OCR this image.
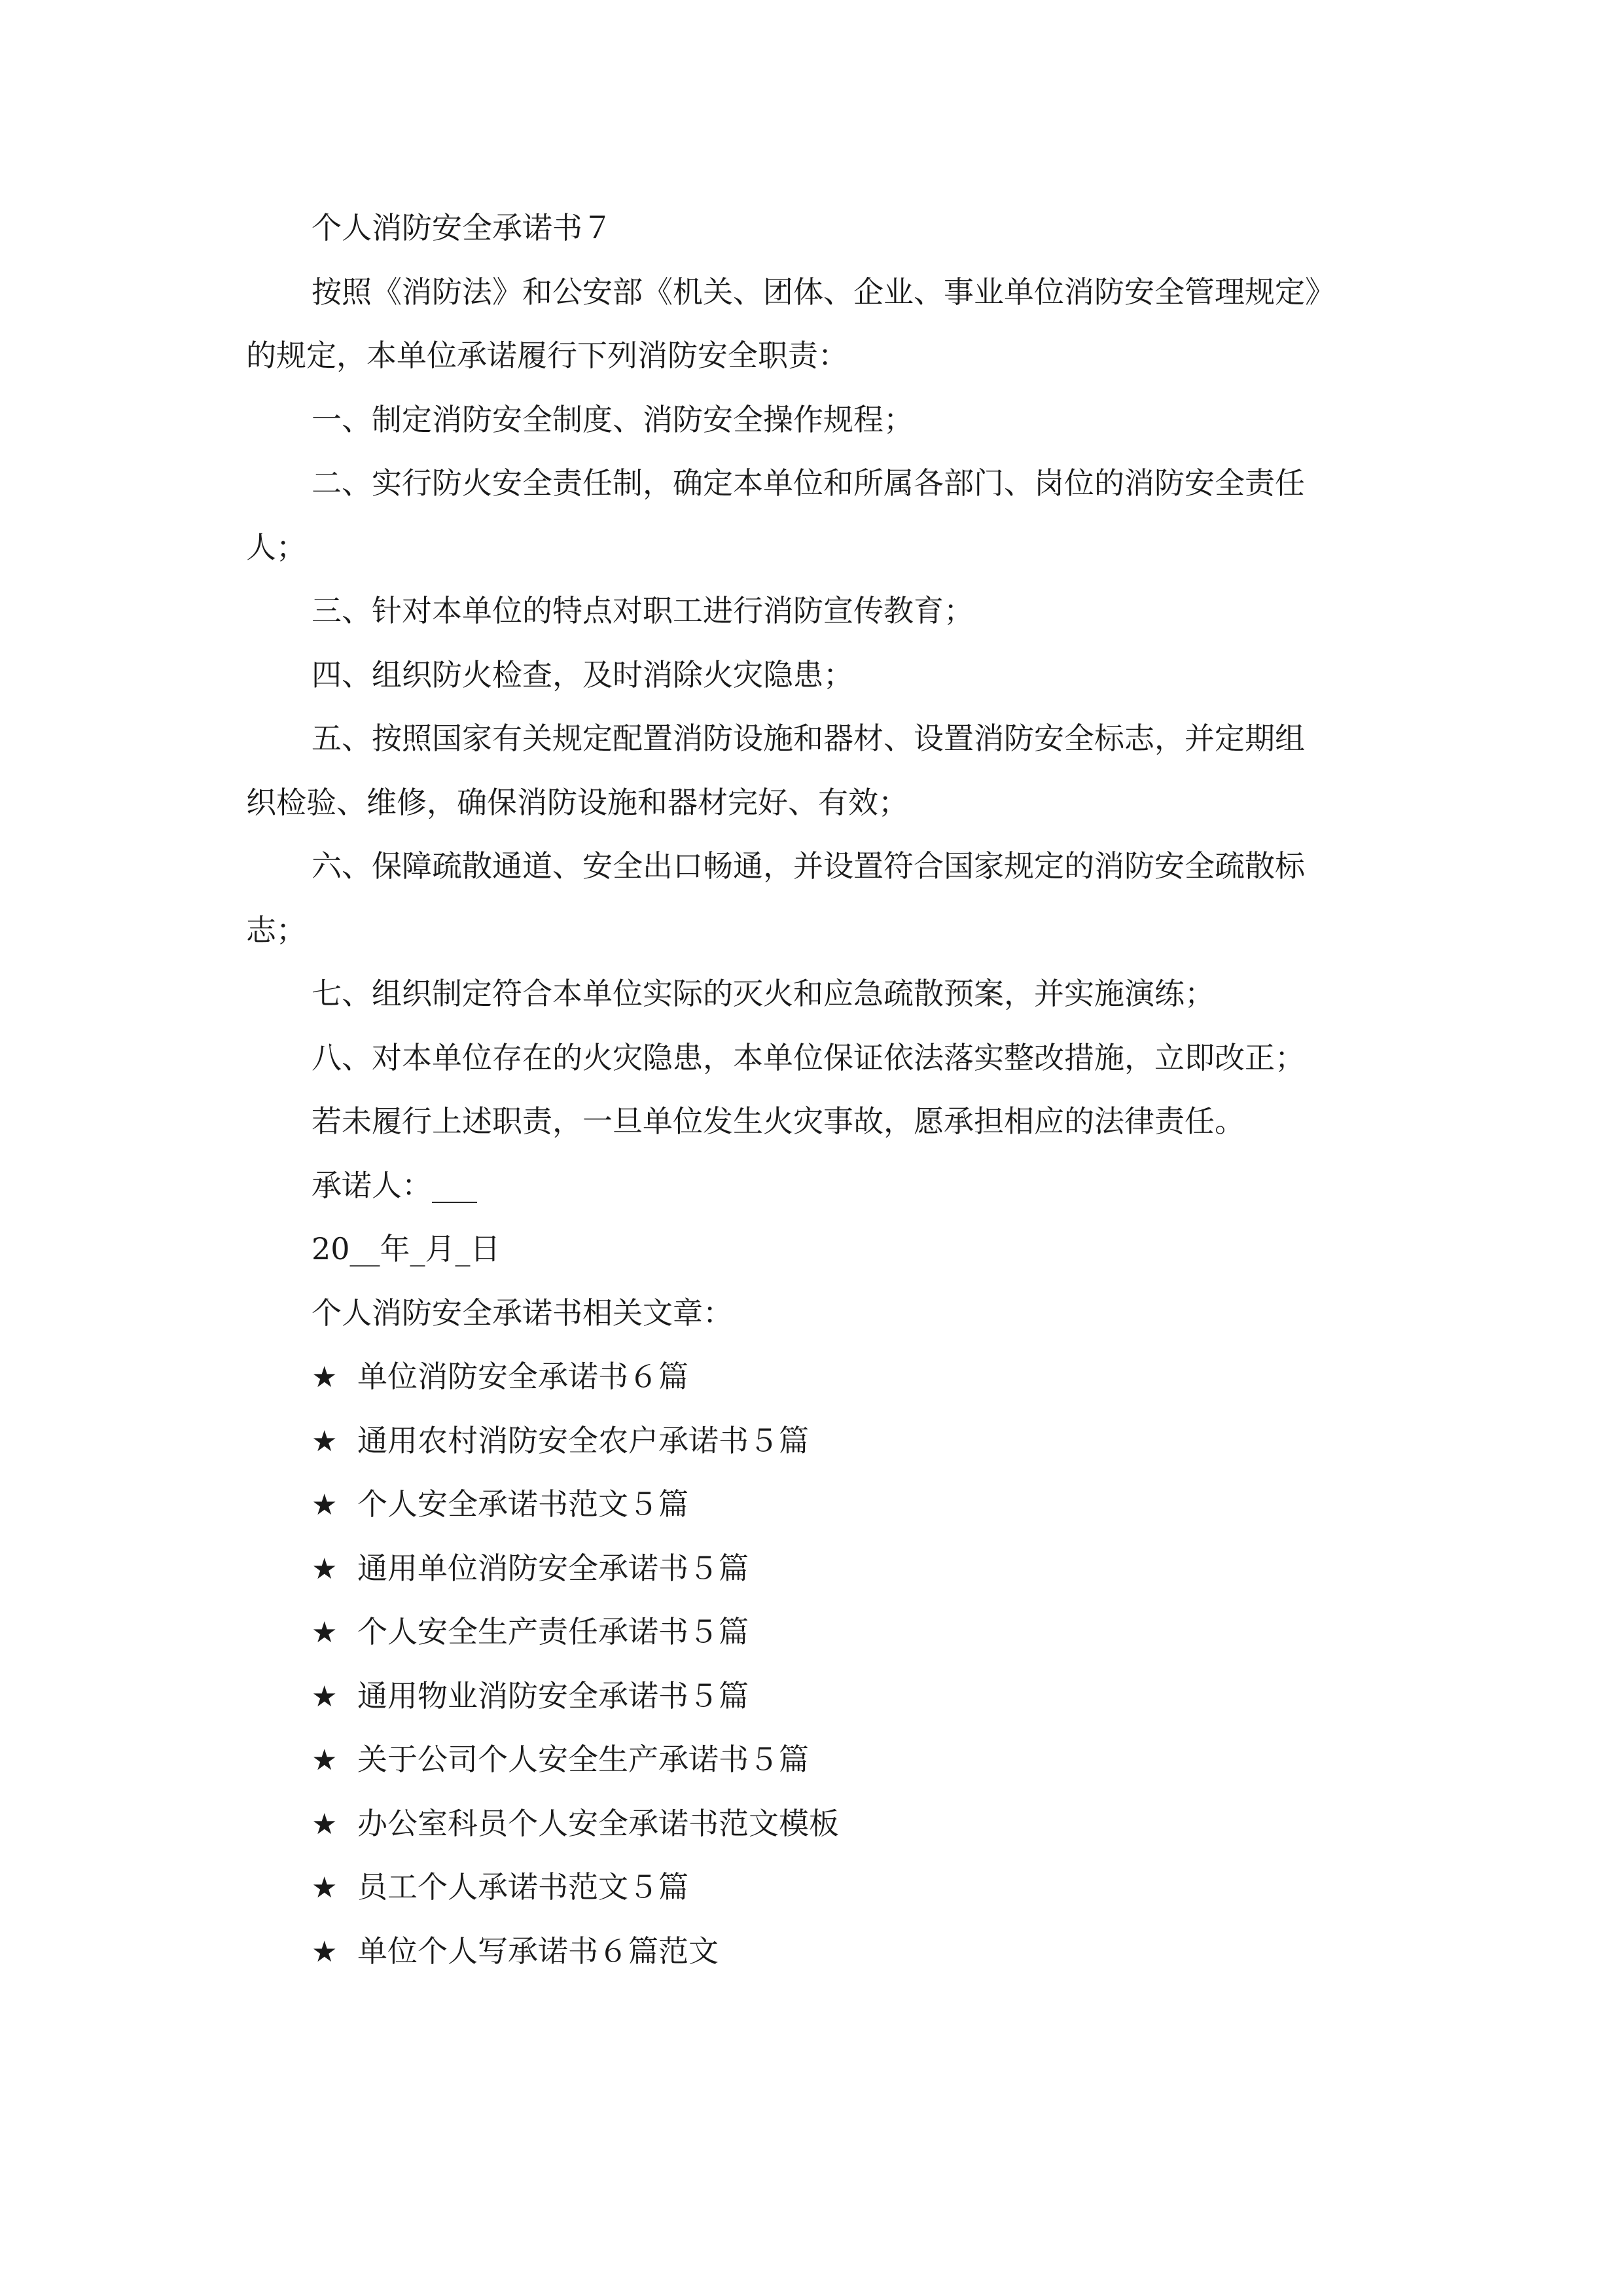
个人消防安全承诺书７

按照《消防法》和公安部《机关、团体、企业、事业单位消防安全管理规定》

的规定，本单位承诺履行下列消防安全职责：

一、制定消防安全制度、消防安全操作规程；

二、实行防火安全责任制，确定本单位和所属各部门、岗位的消防安全责任

人；

三、针对本单位的特点对职工进行消防宣传教育；

四、组织防火检查，及时消除火灾隐患；

五、按照国家有关规定配置消防设施和器材、设置消防安全标志，并定期组

织检验、维修，确保消防设施和器材完好、有效；

六、保障疏散通道、安全出口畅通，并设置符合国家规定的消防安全疏散标

志；

七、组织制定符合本单位实际的灭火和应急疏散预案，并实施演练；

八、对本单位存在的火灾隐患，本单位保证依法落实整改措施，立即改正；

若未履行上述职责，一旦单位发生火灾事故，愿承担相应的法律责任。

承诺人：___

20__年_月_日

个人消防安全承诺书相关文章：

★ 单位消防安全承诺书６篇
★ 通用农村消防安全农户承诺书５篇
★ 个人安全承诺书范文５篇
★ 通用单位消防安全承诺书５篇
★ 个人安全生产责任承诺书５篇
★ 通用物业消防安全承诺书５篇
★ 关于公司个人安全生产承诺书５篇
★ 办公室科员个人安全承诺书范文模板
★ 员工个人承诺书范文５篇
★ 单位个人写承诺书６篇范文
